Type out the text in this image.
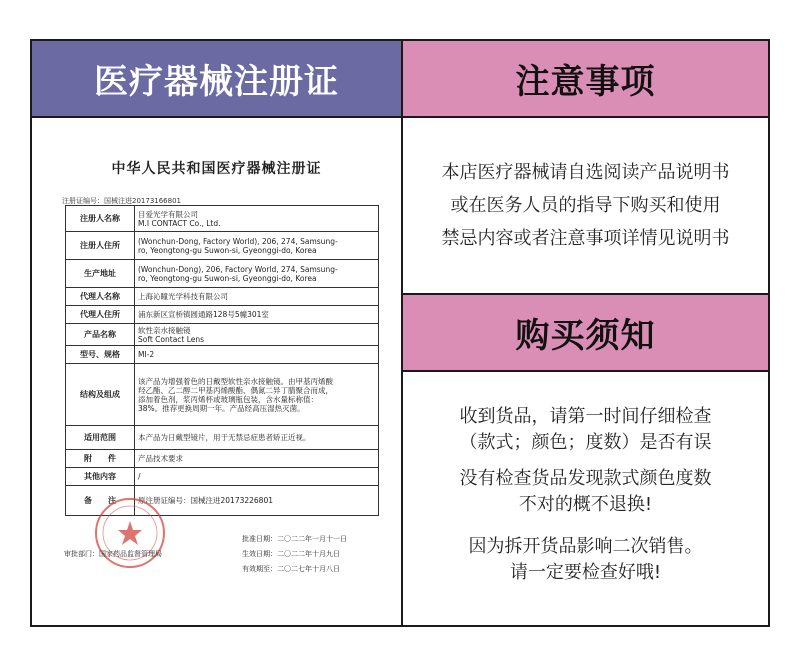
医疗器械注册证	注意事项
本店医疗器械请自选阅读产品说明书
或在医务人员的指导下购买和使用
禁忌内容或者注意事项详情见说明书
购买须知
收到货品，请第一时间仔细检查
（款式；颜色；度数）是否有误
没有检查货品发现款式颜色度数
不对的概不退换!
因为拆开货品影响二次销售。
请一定要检查好哦!
中华人民共和国医疗器械注册证
注册证编号：国械注进20173166801
注册人名称	目爱光学有限公司
M.I CONTACT Co., Ltd.

注册人住所	(Wonchun-Dong, Factory World), 206, 274, Samsung-
ro, Yeongtong-gu Suwon-si, Gyeonggi-do, Korea

生产地址	(Wonchun-Dong), 206, Factory World, 274, Samsung-
ro, Yeongtong-gu Suwon-si, Gyeonggi-do, Korea

代理人名称	上海沁瞳光学科技有限公司

代理人住所	浦东新区宣桥镇圆通路128号5幢301室

产品名称	软性亲水接触镜
Soft Contact Lens

型号、规格	MI-2

结构及组成	该产品为增强着色的日戴型软性亲水接触镜。由甲基丙烯酸
羟乙酯、乙二醇二甲基丙烯酸酯、偶氮二异丁腈聚合而成，
添加着色剂，浆丙烯杯或玻璃瓶包装，含水量标称值：
38%。推荐更换周期一年。产品经高压湿热灭菌。

适用范围	本产品为日戴型镜片，用于无禁忌症患者矫正近视。

附　　件	产品技术要求

其他内容	/

备　　注	原注册证编号：国械注进20173226801
批准日期：二〇二二年一月十一日
生效日期：二〇二二年十月九日
有效期至：二〇二七年十月八日
审批部门：国家药品监督管理局
